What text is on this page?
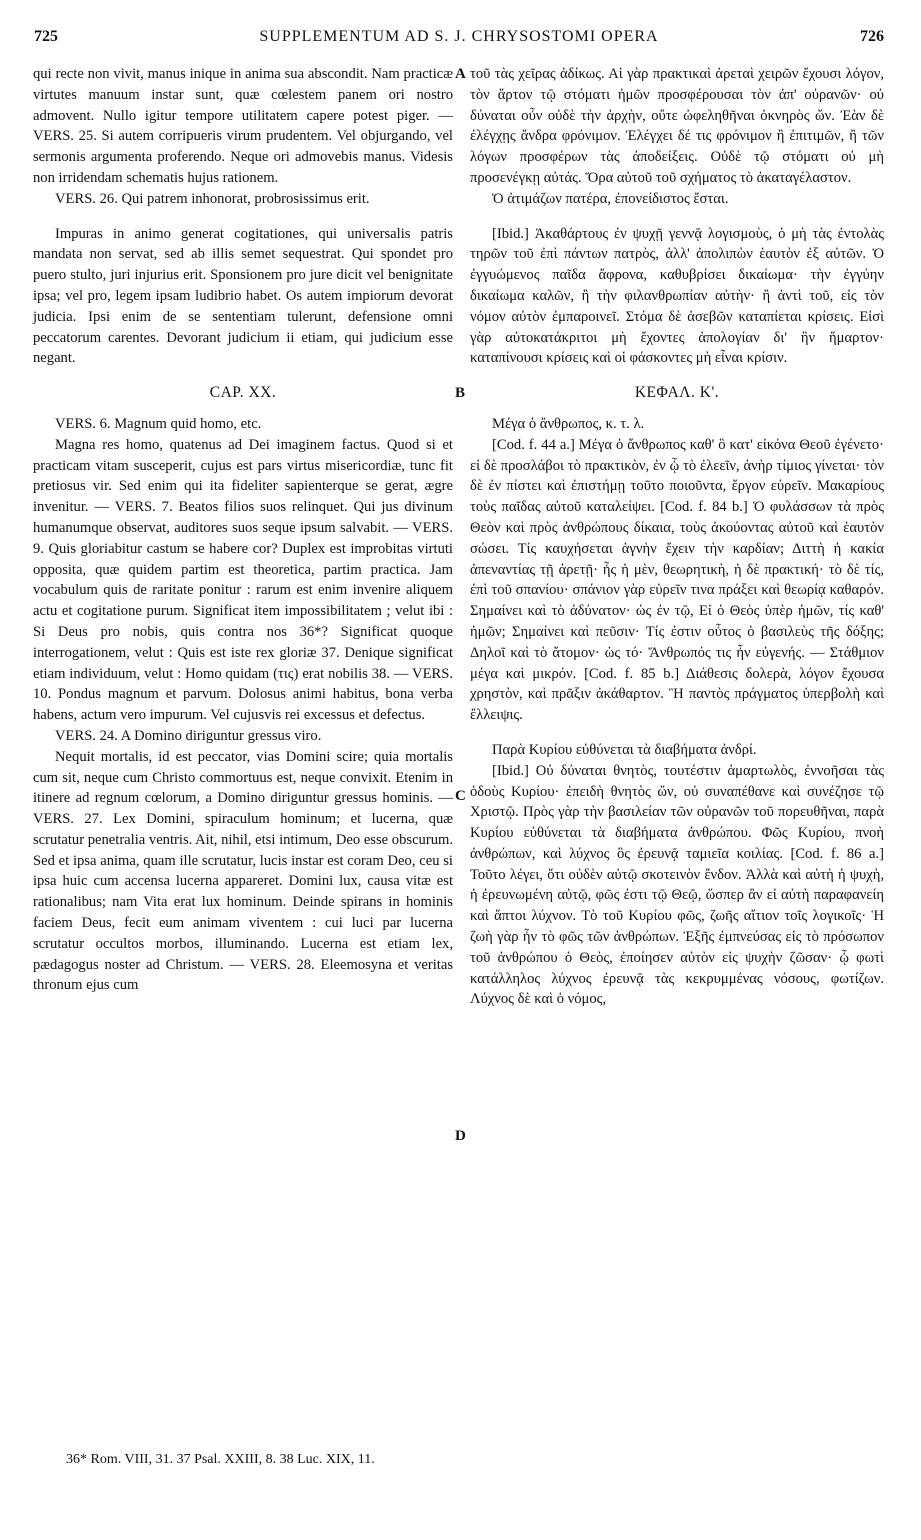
725	SUPPLEMENTUM AD S. J. CHRYSOSTOMI OPERA	726

qui recte non vivit, manus inique in anima sua abscondit. Nam practicæ virtutes manuum instar sunt, quæ cœlestem panem ori nostro admovent. Nullo igitur tempore utilitatem capere potest piger. — VERS. 25. Si autem corripueris virum prudentem. Vel objurgando, vel sermonis argumenta proferendo. Neque ori admovebis manus. Videsis non irridendam schematis hujus rationem.

VERS. 26. Qui patrem inhonorat, probrosissimus erit.

Impuras in animo generat cogitationes, qui universalis patris mandata non servat, sed ab illis semet sequestrat. Qui spondet pro puero stulto, juri injurius erit. Sponsionem pro jure dicit vel benignitate ipsa; vel pro, legem ipsam ludibrio habet. Os autem impiorum devorat judicia. Ipsi enim de se sententiam tulerunt, defensione omni peccatorum carentes. Devorant judicium ii etiam, qui judicium esse negant.

CAP. XX.

VERS. 6. Magnum quid homo, etc.

Magna res homo, quatenus ad Dei imaginem factus. Quod si et practicam vitam susceperit, cujus est pars virtus misericordiæ, tunc fit pretiosus vir. Sed enim qui ita fideliter sapienterque se gerat, ægre invenitur. — VERS. 7. Beatos filios suos relinquet. Qui jus divinum humanumque observat, auditores suos seque ipsum salvabit. — VERS. 9. Quis gloriabitur castum se habere cor? Duplex est improbitas virtuti opposita, quæ quidem partim est theoretica, partim practica. Jam vocabulum quis de raritate ponitur : rarum est enim invenire aliquem actu et cogitatione purum. Significat item impossibilitatem ; velut ibi : Si Deus pro nobis, quis contra nos 36*? Significat quoque interrogationem, velut : Quis est iste rex gloriæ 37. Denique significat etiam individuum, velut : Homo quidam (τις) erat nobilis 38. — VERS. 10. Pondus magnum et parvum. Dolosus animi habitus, bona verba habens, actum vero impurum. Vel cujusvis rei excessus et defectus.

VERS. 24. A Domino diriguntur gressus viro.

Nequit mortalis, id est peccator, vias Domini scire; quia mortalis cum sit, neque cum Christo commortuus est, neque convixit. Etenim in itinere ad regnum cœlorum, a Domino diriguntur gressus hominis. — VERS. 27. Lex Domini, spiraculum hominum; et lucerna, quæ scrutatur penetralia ventris. Ait, nihil, etsi intimum, Deo esse obscurum. Sed et ipsa anima, quam ille scrutatur, lucis instar est coram Deo, ceu si ipsa huic cum accensa lucerna appareret. Domini lux, causa vitæ est rationalibus; nam Vita erat lux hominum. Deinde spirans in hominis faciem Deus, fecit eum animam viventem : cui luci par lucerna scrutatur occultos morbos, illuminando. Lucerna est etiam lex, pædagogus noster ad Christum. — VERS. 28. Eleemosyna et veritas thronum ejus cum

A
B
C
D

τοῦ τὰς χεῖρας ἀδίκως. Αἱ γὰρ πρακτικαὶ ἀρεταὶ χειρῶν ἔχουσι λόγον, τὸν ἄρτον τῷ στόματι ἡμῶν προσφέρουσαι τὸν ἀπ' οὐρανῶν· οὐ δύναται οὖν οὐδὲ τὴν ἀρχὴν, οὔτε ὠφεληθῆναι ὀκνηρὸς ὤν. Ἐὰν δὲ ἐλέγχῃς ἄνδρα φρόνιμον. Ἐλέγχει δέ τις φρόνιμον ἢ ἐπιτιμῶν, ἢ τῶν λόγων προσφέρων τὰς ἀποδείξεις. Οὐδὲ τῷ στόματι οὐ μὴ προσενέγκῃ αὐτάς. Ὅρα αὐτοῦ τοῦ σχήματος τὸ ἀκαταγέλαστον.

Ὁ ἀτιμάζων πατέρα, ἐπονείδιστος ἔσται.

[Ibid.] Ἀκαθάρτους ἐν ψυχῇ γεννᾷ λογισμοὺς, ὁ μὴ τὰς ἐντολὰς τηρῶν τοῦ ἐπὶ πάντων πατρὸς, ἀλλ' ἀπολιπὼν ἑαυτὸν ἐξ αὐτῶν. Ὁ ἐγγυώμενος παῖδα ἄφρονα, καθυβρίσει δικαίωμα· τὴν ἐγγύην δικαίωμα καλῶν, ἢ τὴν φιλανθρωπίαν αὐτὴν· ἢ ἀντὶ τοῦ, εἰς τὸν νόμον αὐτὸν ἐμπαροινεῖ. Στόμα δὲ ἀσεβῶν καταπίεται κρίσεις. Εἰσὶ γὰρ αὐτοκατάκριτοι μὴ ἔχοντες ἀπολογίαν δι' ἣν ἥμαρτον· καταπίνουσι κρίσεις καὶ οἱ φάσκοντες μὴ εἶναι κρίσιν.

ΚΕΦΑΛ. Κ'.

Μέγα ὁ ἄνθρωπος, κ. τ. λ.

[Cod. f. 44 a.] Μέγα ὁ ἄνθρωπος καθ' ὃ κατ' εἰκόνα Θεοῦ ἐγένετο· εἰ δὲ προσλάβοι τὸ πρακτικὸν, ἐν ᾧ τὸ ἐλεεῖν, ἀνὴρ τίμιος γίνεται· τὸν δὲ ἐν πίστει καὶ ἐπιστήμῃ τοῦτο ποιοῦντα, ἔργον εὑρεῖν. Μακαρίους τοὺς παῖδας αὐτοῦ καταλείψει. [Cod. f. 84 b.] Ὁ φυλάσσων τὰ πρὸς Θεὸν καὶ πρὸς ἀνθρώπους δίκαια, τοὺς ἀκούοντας αὐτοῦ καὶ ἑαυτὸν σώσει. Τίς καυχήσεται ἁγνὴν ἔχειν τὴν καρδίαν; Διττὴ ἡ κακία ἀπεναντίας τῇ ἀρετῇ· ἧς ἡ μὲν, θεωρητικὴ, ἡ δὲ πρακτική· τὸ δὲ τίς, ἐπὶ τοῦ σπανίου· σπάνιον γὰρ εὑρεῖν τινα πράξει καὶ θεωρίᾳ καθαρόν. Σημαίνει καὶ τὸ ἀδύνατον· ὡς ἐν τῷ, Εἰ ὁ Θεὸς ὑπὲρ ἡμῶν, τίς καθ' ἡμῶν; Σημαίνει καὶ πεῦσιν· Τίς ἐστιν οὗτος ὁ βασιλεὺς τῆς δόξης; Δηλοῖ καὶ τὸ ἄτομον· ὡς τό· Ἄνθρωπός τις ἦν εὐγενής. — Στάθμιον μέγα καὶ μικρόν. [Cod. f. 85 b.] Διάθεσις δολερὰ, λόγον ἔχουσα χρηστὸν, καὶ πρᾶξιν ἀκάθαρτον. Ἢ παντὸς πράγματος ὑπερβολὴ καὶ ἔλλειψις.

Παρὰ Κυρίου εὐθύνεται τὰ διαβήματα ἀνδρί.

[Ibid.] Οὐ δύναται θνητὸς, τουτέστιν ἁμαρτωλὸς, ἐννοῆσαι τὰς ὁδοὺς Κυρίου· ἐπειδὴ θνητὸς ὤν, οὐ συναπέθανε καὶ συνέζησε τῷ Χριστῷ. Πρὸς γὰρ τὴν βασιλείαν τῶν οὐρανῶν τοῦ πορευθῆναι, παρὰ Κυρίου εὐθύνεται τὰ διαβήματα ἀνθρώπου. Φῶς Κυρίου, πνοὴ ἀνθρώπων, καὶ λύχνος ὃς ἐρευνᾷ ταμιεῖα κοιλίας. [Cod. f. 86 a.] Τοῦτο λέγει, ὅτι οὐδὲν αὐτῷ σκοτεινὸν ἔνδον. Ἀλλὰ καὶ αὐτὴ ἡ ψυχὴ, ἡ ἐρευνωμένη αὐτῷ, φῶς ἐστι τῷ Θεῷ, ὥσπερ ἂν εἰ αὐτὴ παραφανείη καὶ ἅπτοι λύχνον. Τὸ τοῦ Κυρίου φῶς, ζωῆς αἴτιον τοῖς λογικοῖς· Ἡ ζωὴ γὰρ ἦν τὸ φῶς τῶν ἀνθρώπων. Ἐξῆς ἐμπνεύσας εἰς τὸ πρόσωπον τοῦ ἀνθρώπου ὁ Θεὸς, ἐποίησεν αὐτὸν εἰς ψυχὴν ζῶσαν· ᾧ φωτὶ κατάλληλος λύχνος ἐρευνᾷ τὰς κεκρυμμένας νόσους, φωτίζων. Λύχνος δὲ καὶ ὁ νόμος,

36* Rom. VIII, 31. 37 Psal. XXIII, 8. 38 Luc. XIX, 11.
